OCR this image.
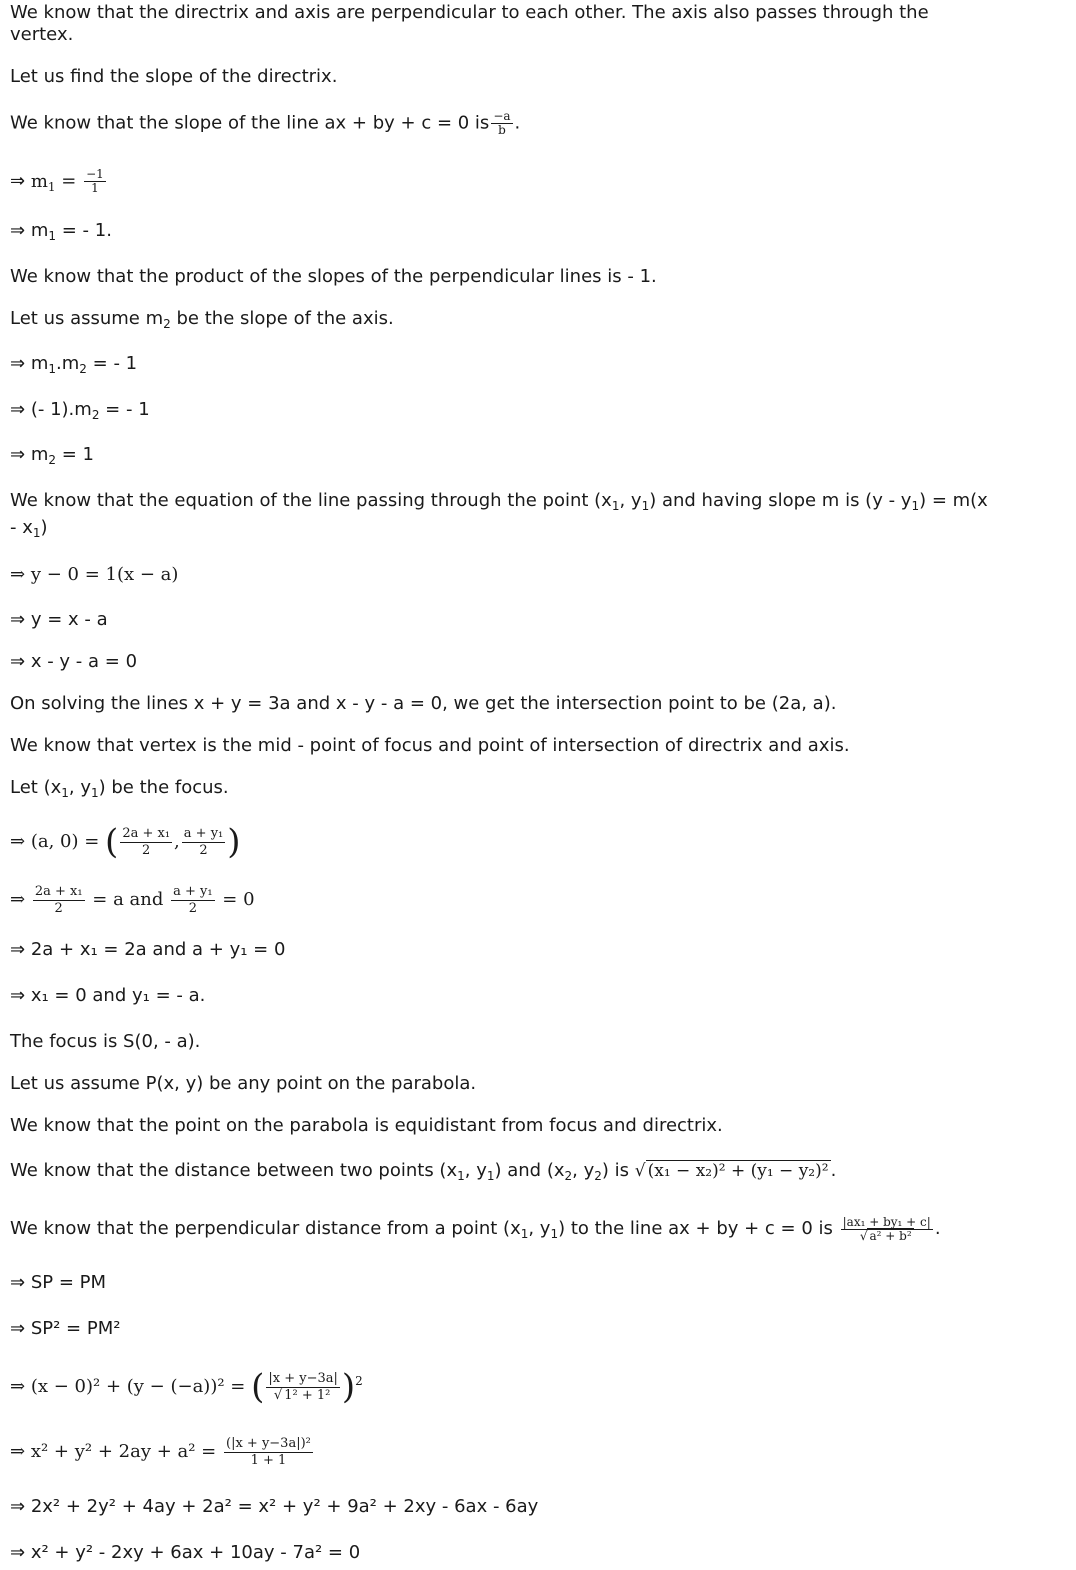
We know that the directrix and axis are perpendicular to each other. The axis also passes through the
vertex.
Let us find the slope of the directrix.
We know that the slope of the line ax + by + c = 0 is $\frac{-a}{b}$ .
⇒ $m_1 = \frac{-1}{1}$
⇒ $m_1$ = - 1.
We know that the product of the slopes of the perpendicular lines is - 1.
Let us assume $m_2$ be the slope of the axis.
⇒ $m_1.m_2$ = - 1
⇒ (- $1).m_2$ = - 1
⇒ $m_2 = 1$
We know that the equation of the line passing through the point ($x_1$, $y_1$) and having slope m is $(y - y_1) = m(x$
- $x_1$)
⇒ y − 0 = 1(x − a)
⇒ y = x - a
⇒ x - y - a = 0
On solving the lines x + y = 3a and x - y - a = 0, we get the intersection point to be (2a, a).
We know that vertex is the mid - point of focus and point of intersection of directrix and axis.
Let ($x_1$, $y_1$) be the focus.
⇒ (a, 0) = ( $\frac{\text{2a + x₁}}{2}$ , $\frac{\text{a + y₁}}{2}$ )
⇒ $\frac{\text{2a + x₁}}{2} = a$ and $\frac{\text{a + y₁}}{2} = 0$
⇒ 2a + x₁ = 2a and a + y₁ = 0
⇒ x₁ = 0 and y₁ = - a.
The focus is S(0, - a).
Let us assume P(x, y) be any point on the parabola.
We know that the point on the parabola is equidistant from focus and directrix.
We know that the distance between two points ($x_1$, $y_1$) and ($x_2$, $y_2$) is √ (x₁ − x₂)² + (y₁ − y₂)² .
We know that the perpendicular distance from a point ($x_1$, $y_1$) to the line ax + by + c = 0 is $\frac{\text{|ax₁ + by₁ + c|}}{\text{√ a² + b²}}$ .
⇒ SP = PM
⇒ SP² = PM²
⇒ (x − 0)² + (y − (−a))² = ( $\frac{|x + y-3a|}{\text{√ 1² + 1²}} )^2$
⇒ $x^2 + y^2 + 2ay + a^2 = \frac{\text{(|x + y−3a|)²}}{1 + 1}$
⇒ 2x² + 2y² + 4ay + 2a² = x² + y² + 9a² + 2xy - 6ax - 6ay
⇒ x² + y² - 2xy + 6ax + 10ay - 7a² = 0
